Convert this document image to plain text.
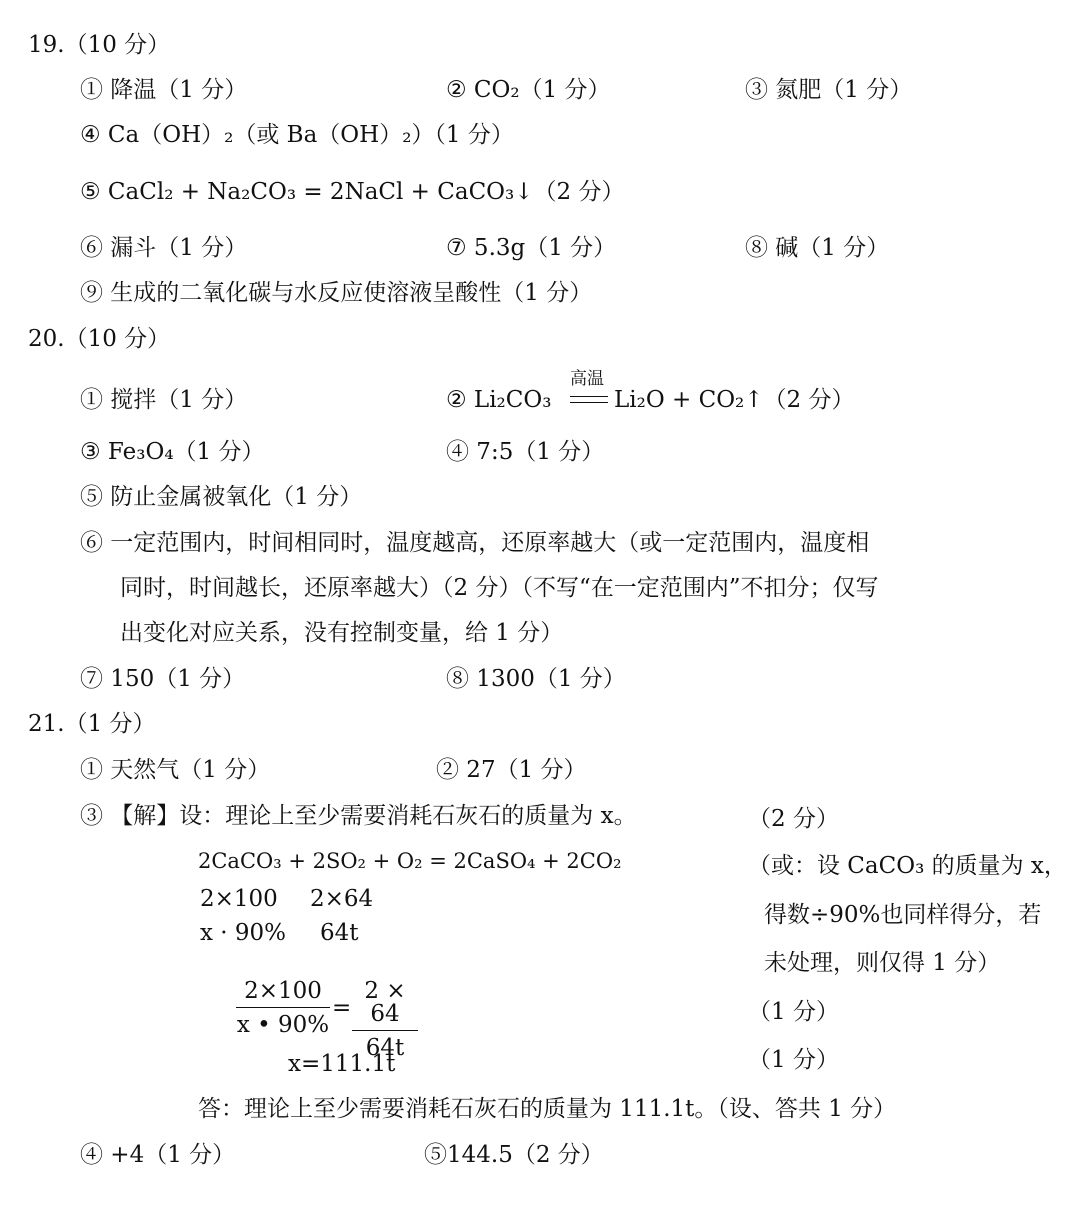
19.（10 分）
① 降温（1 分）	② CO₂（1 分）	③ 氮肥（1 分）
④ Ca（OH）₂（或 Ba（OH）₂）（1 分）
⑤ CaCl₂ + Na₂CO₃ = 2NaCl + CaCO₃↓（2 分）
⑥ 漏斗（1 分）	⑦ 5.3g（1 分）	⑧ 碱（1 分）
⑨ 生成的二氧化碳与水反应使溶液呈酸性（1 分）
20.（10 分）
① 搅拌（1 分）	② Li₂CO₃
高温
Li₂O + CO₂↑（2 分）
③ Fe₃O₄（1 分）	④ 7:5（1 分）
⑤ 防止金属被氧化（1 分）
⑥ 一定范围内，时间相同时，温度越高，还原率越大（或一定范围内，温度相
同时，时间越长，还原率越大）（2 分）（不写“在一定范围内”不扣分；仅写
出变化对应关系，没有控制变量，给 1 分）
⑦ 150（1 分）	⑧ 1300（1 分）
21.（1 分）
① 天然气（1 分）	② 27（1 分）
③ 【解】设：理论上至少需要消耗石灰石的质量为 x。	（2 分）
2CaCO₃ + 2SO₂ + O₂ = 2CaSO₄ + 2CO₂
2×100 2×64
x · 90% 64t
（或：设 CaCO₃ 的质量为 x，
得数÷90%也同样得分，若
未处理，则仅得 1 分）
$\frac{2\times 100}{x • 90\%} = \frac{2 \times 64}{64t}$	（1 分）
x=111.1t	（1 分）
答：理论上至少需要消耗石灰石的质量为 111.1t。（设、答共 1 分）
④ +4（1 分）	⑤144.5（2 分）
